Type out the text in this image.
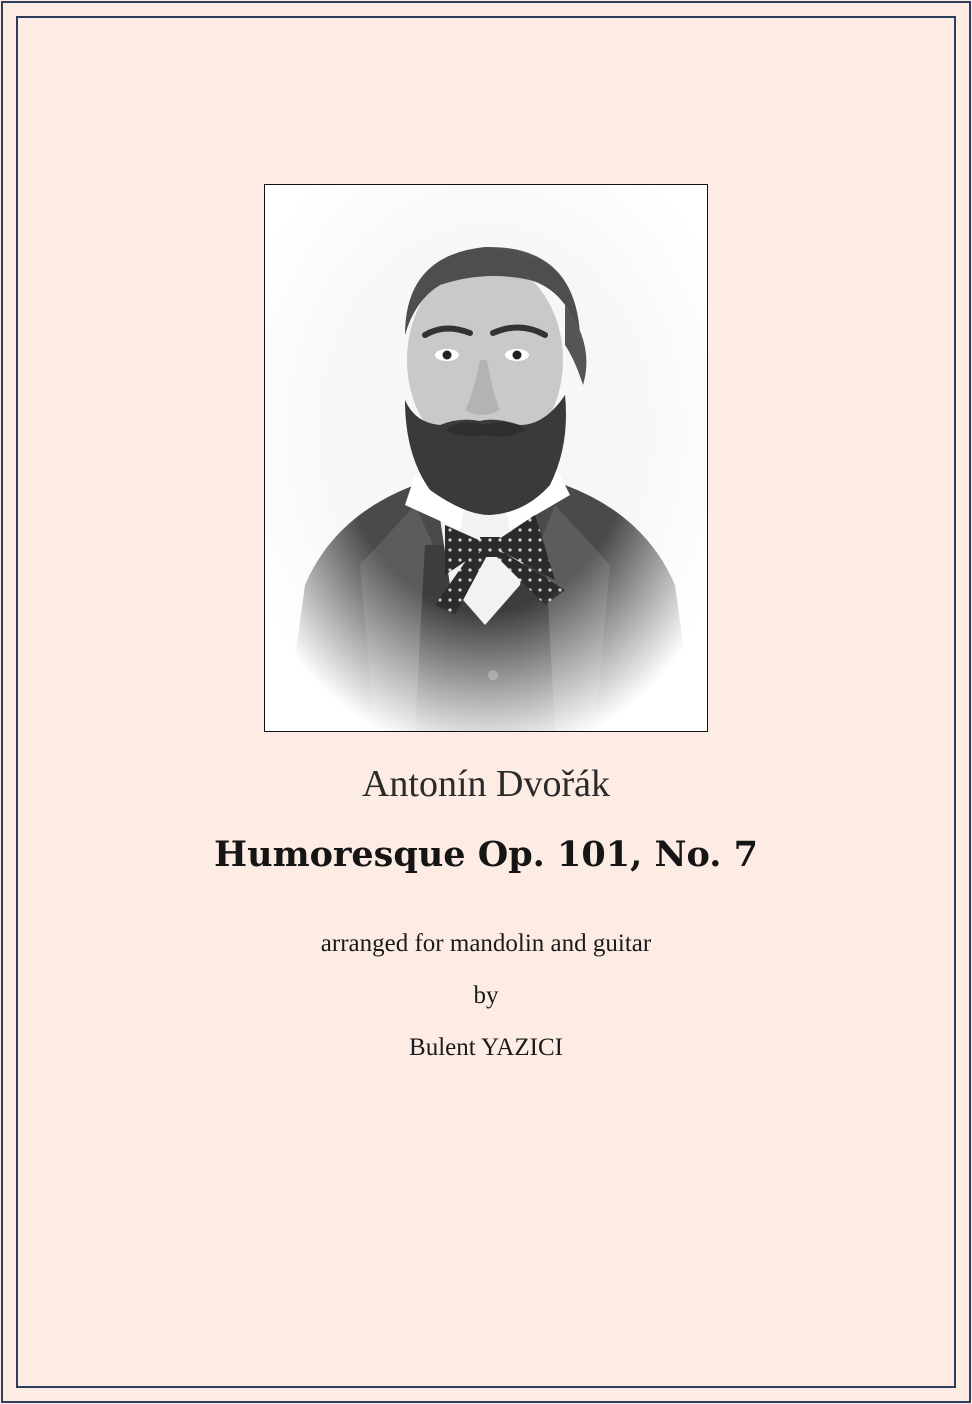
Antonín Dvořák
Humoresque Op. 101, No. 7
arranged for mandolin and guitar
by
Bulent YAZICI
